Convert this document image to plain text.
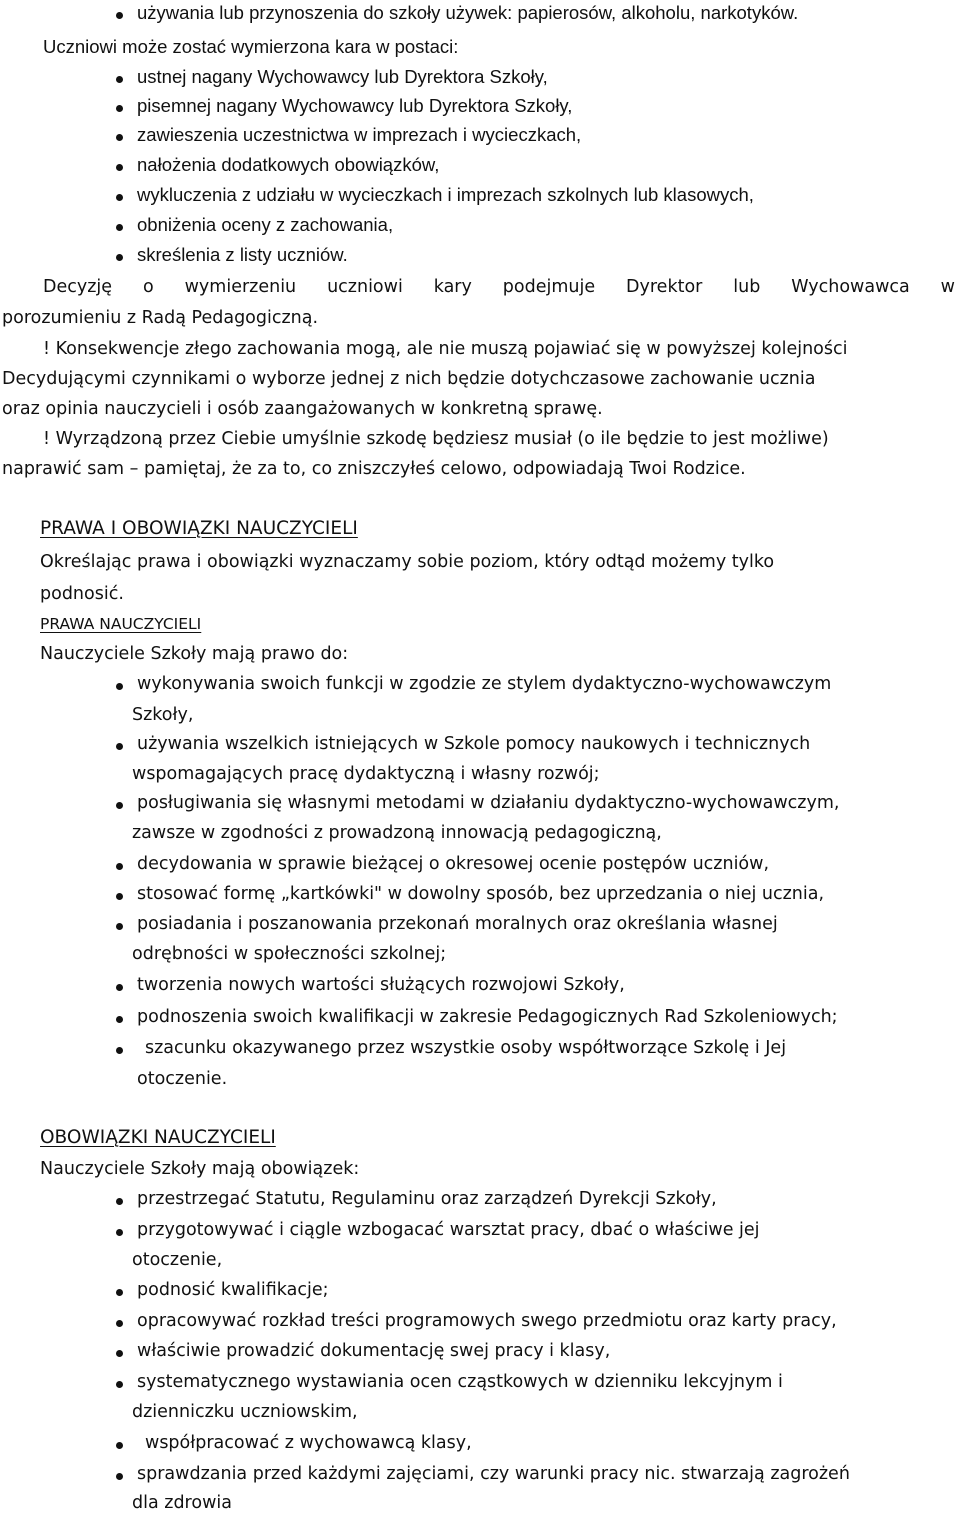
używania lub przynoszenia do szkoły używek: papierosów, alkoholu, narkotyków.
Uczniowi może zostać wymierzona kara w postaci:
ustnej nagany Wychowawcy lub Dyrektora Szkoły,
pisemnej nagany Wychowawcy lub Dyrektora Szkoły,
zawieszenia uczestnictwa w imprezach i wycieczkach,
nałożenia dodatkowych obowiązków,
wykluczenia z udziału w wycieczkach i imprezach szkolnych lub klasowych,
obniżenia oceny z zachowania,
skreślenia z listy uczniów.
Decyzję o wymierzeniu uczniowi kary podejmuje Dyrektor lub Wychowawca w
porozumieniu z Radą Pedagogiczną.
! Konsekwencje złego zachowania mogą, ale nie muszą pojawiać się w powyższej kolejności
Decydującymi czynnikami o wyborze jednej z nich będzie dotychczasowe zachowanie ucznia
oraz opinia nauczycieli i osób zaangażowanych w konkretną sprawę.
! Wyrządzoną przez Ciebie umyślnie szkodę będziesz musiał (o ile będzie to jest możliwe)
naprawić sam – pamiętaj, że za to, co zniszczyłeś celowo, odpowiadają Twoi Rodzice.
PRAWA I OBOWIĄZKI NAUCZYCIELI
Określając prawa i obowiązki wyznaczamy sobie poziom, który odtąd możemy tylko
podnosić.
PRAWA NAUCZYCIELI
Nauczyciele Szkoły mają prawo do:
wykonywania swoich funkcji w zgodzie ze stylem dydaktyczno-wychowawczym
Szkoły,
używania wszelkich istniejących w Szkole pomocy naukowych i technicznych
wspomagających pracę dydaktyczną i własny rozwój;
posługiwania się własnymi metodami w działaniu dydaktyczno-wychowawczym,
zawsze w zgodności z prowadzoną innowacją pedagogiczną,
decydowania w sprawie bieżącej o okresowej ocenie postępów uczniów,
stosować formę „kartkówki" w dowolny sposób, bez uprzedzania o niej ucznia,
posiadania i poszanowania przekonań moralnych oraz określania własnej
odrębności w społeczności szkolnej;
tworzenia nowych wartości służących rozwojowi Szkoły,
podnoszenia swoich kwalifikacji w zakresie Pedagogicznych Rad Szkoleniowych;
szacunku okazywanego przez wszystkie osoby współtworzące Szkolę i Jej
otoczenie.
OBOWIĄZKI NAUCZYCIELI
Nauczyciele Szkoły mają obowiązek:
przestrzegać Statutu, Regulaminu oraz zarządzeń Dyrekcji Szkoły,
przygotowywać i ciągle wzbogacać warsztat pracy, dbać o właściwe jej
otoczenie,
podnosić kwalifikacje;
opracowywać rozkład treści programowych swego przedmiotu oraz karty pracy,
właściwie prowadzić dokumentację swej pracy i klasy,
systematycznego wystawiania ocen cząstkowych w dzienniku lekcyjnym i
dzienniczku uczniowskim,
współpracować z wychowawcą klasy,
sprawdzania przed każdymi zajęciami, czy warunki pracy nic. stwarzają zagrożeń
dla zdrowia
